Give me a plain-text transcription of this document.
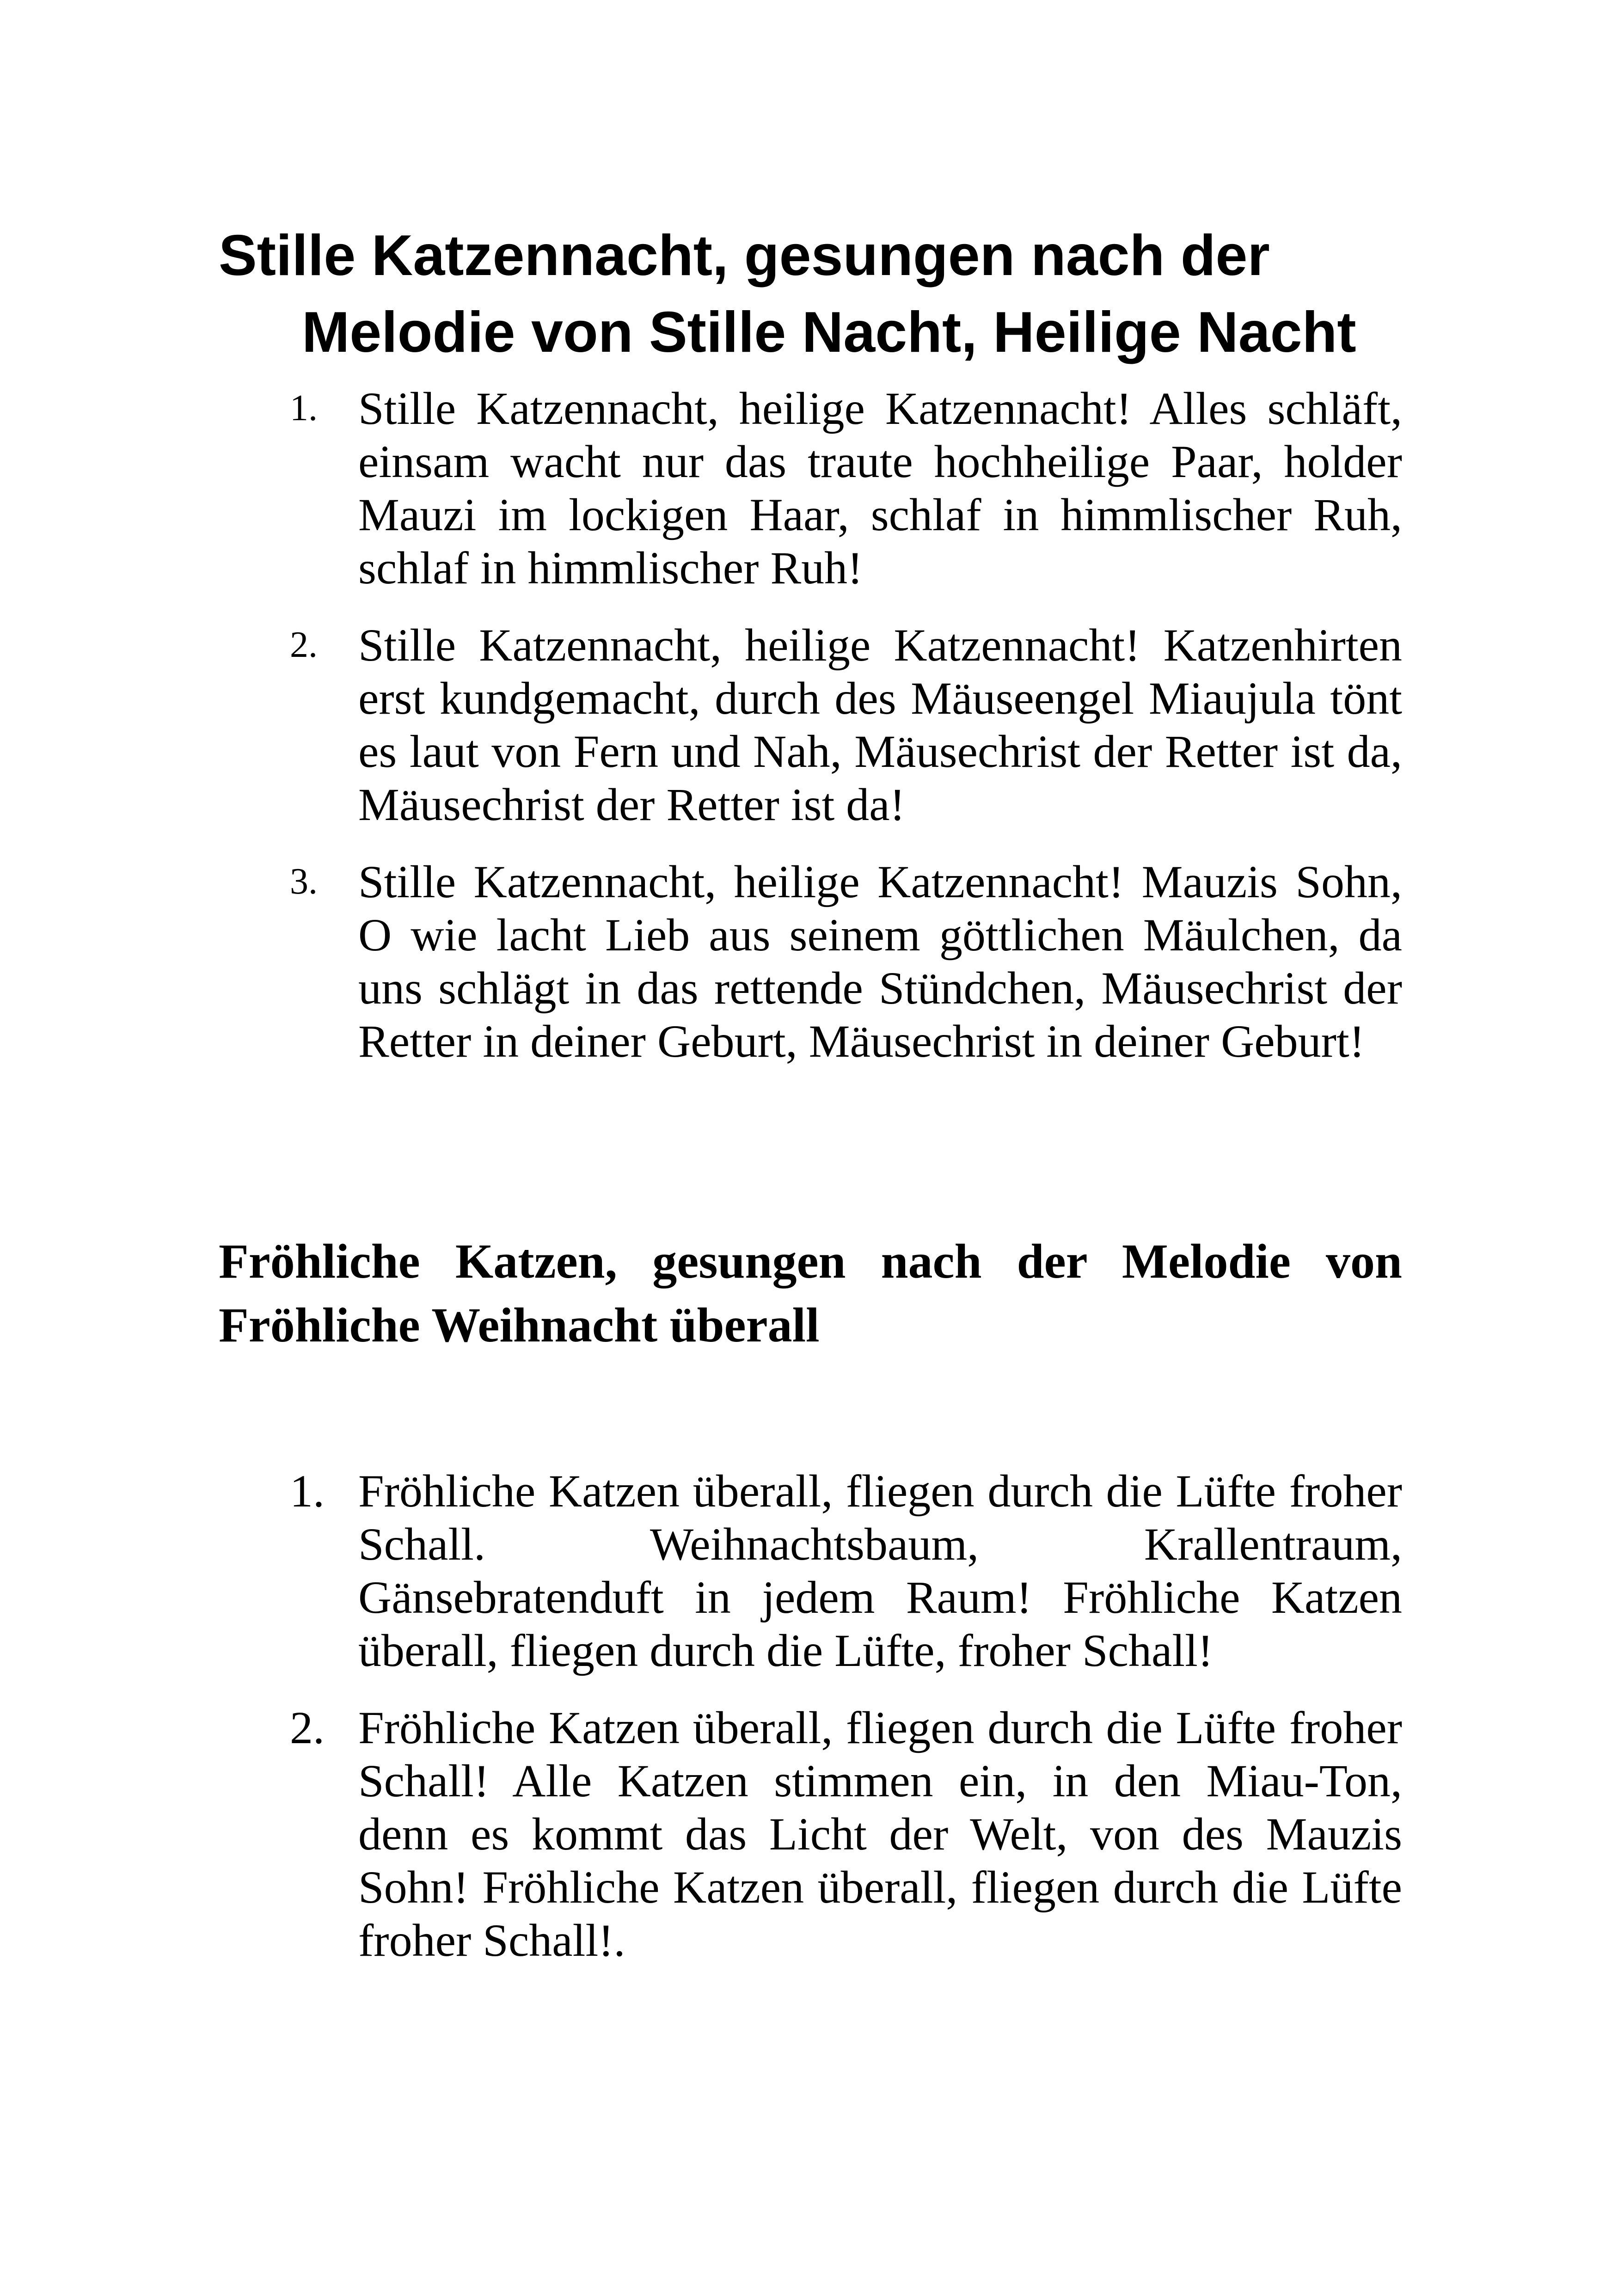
Stille Katzennacht, gesungen nach der Melodie von Stille Nacht, Heilige Nacht
1. Stille Katzennacht, heilige Katzennacht! Alles schläft, einsam wacht nur das traute hochheilige Paar, holder Mauzi im lockigen Haar, schlaf in himmlischer Ruh, schlaf in himmlischer Ruh!
2. Stille Katzennacht, heilige Katzennacht! Katzenhirten erst kundgemacht, durch des Mäuseengel Miaujula tönt es laut von Fern und Nah, Mäusechrist der Retter ist da, Mäusechrist der Retter ist da!
3. Stille Katzennacht, heilige Katzennacht! Mauzis Sohn, O wie lacht Lieb aus seinem göttlichen Mäulchen, da uns schlägt in das rettende Stündchen, Mäusechrist der Retter in deiner Geburt, Mäusechrist in deiner Geburt!
Fröhliche Katzen, gesungen nach der Melodie von Fröhliche Weihnacht überall
1. Fröhliche Katzen überall, fliegen durch die Lüfte froher Schall. Weihnachtsbaum, Krallentraum, Gänsebratenduft in jedem Raum! Fröhliche Katzen überall, fliegen durch die Lüfte, froher Schall!
2. Fröhliche Katzen überall, fliegen durch die Lüfte froher Schall! Alle Katzen stimmen ein, in den Miau-Ton, denn es kommt das Licht der Welt, von des Mauzis Sohn! Fröhliche Katzen überall, fliegen durch die Lüfte froher Schall!.
